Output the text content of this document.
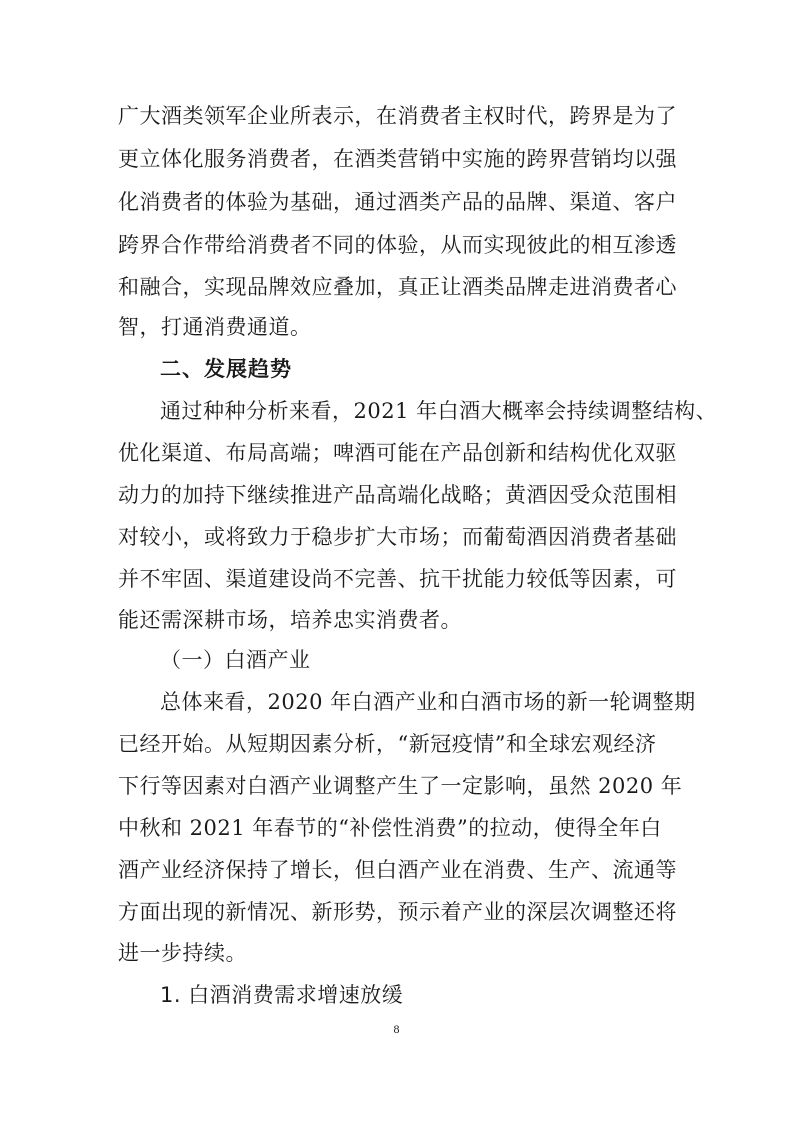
广大酒类领军企业所表示，在消费者主权时代，跨界是为了
更立体化服务消费者，在酒类营销中实施的跨界营销均以强
化消费者的体验为基础，通过酒类产品的品牌、渠道、客户
跨界合作带给消费者不同的体验，从而实现彼此的相互渗透
和融合，实现品牌效应叠加，真正让酒类品牌走进消费者心
智，打通消费通道。
二、发展趋势
通过种种分析来看，2021 年白酒大概率会持续调整结构、
优化渠道、布局高端；啤酒可能在产品创新和结构优化双驱
动力的加持下继续推进产品高端化战略；黄酒因受众范围相
对较小，或将致力于稳步扩大市场；而葡萄酒因消费者基础
并不牢固、渠道建设尚不完善、抗干扰能力较低等因素，可
能还需深耕市场，培养忠实消费者。
（一）白酒产业
总体来看，2020 年白酒产业和白酒市场的新一轮调整期
已经开始。从短期因素分析，“新冠疫情”和全球宏观经济
下行等因素对白酒产业调整产生了一定影响，虽然 2020 年
中秋和 2021 年春节的“补偿性消费”的拉动，使得全年白
酒产业经济保持了增长，但白酒产业在消费、生产、流通等
方面出现的新情况、新形势，预示着产业的深层次调整还将
进一步持续。
1. 白酒消费需求增速放缓
8
